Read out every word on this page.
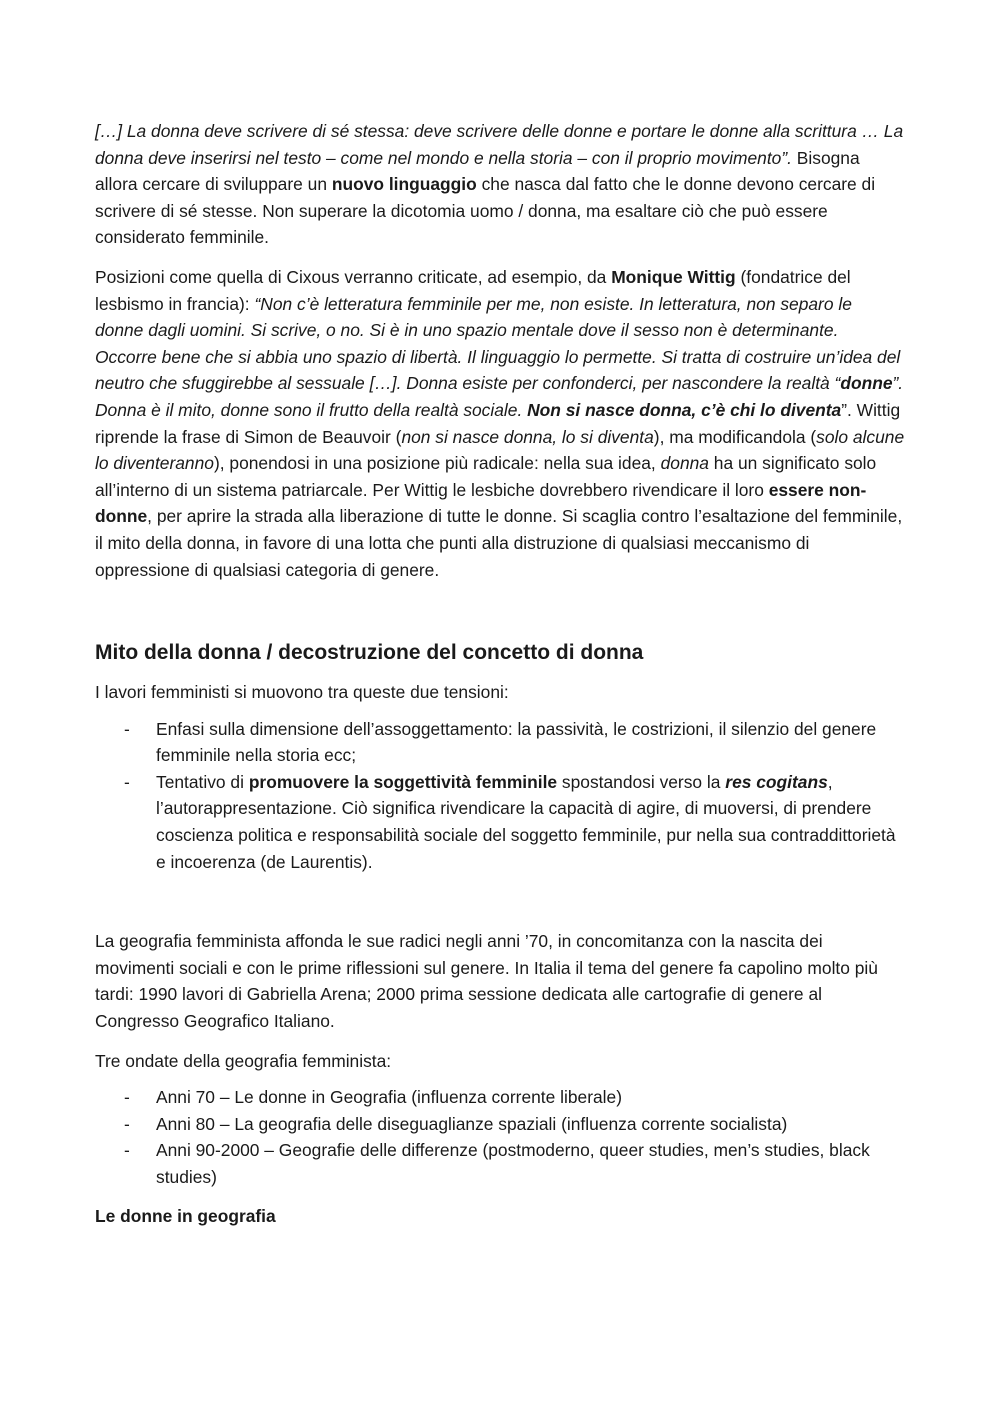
[…] La donna deve scrivere di sé stessa: deve scrivere delle donne e portare le donne alla scrittura … La donna deve inserirsi nel testo – come nel mondo e nella storia – con il proprio movimento”. Bisogna allora cercare di sviluppare un nuovo linguaggio che nasca dal fatto che le donne devono cercare di scrivere di sé stesse. Non superare la dicotomia uomo / donna, ma esaltare ciò che può essere considerato femminile.

Posizioni come quella di Cixous verranno criticate, ad esempio, da Monique Wittig (fondatrice del lesbismo in francia): “Non c’è letteratura femminile per me, non esiste. In letteratura, non separo le donne dagli uomini. Si scrive, o no. Si è in uno spazio mentale dove il sesso non è determinante. Occorre bene che si abbia uno spazio di libertà. Il linguaggio lo permette. Si tratta di costruire un’idea del neutro che sfuggirebbe al sessuale […]. Donna esiste per confonderci, per nascondere la realtà “donne”. Donna è il mito, donne sono il frutto della realtà sociale. Non si nasce donna, c’è chi lo diventa”. Wittig riprende la frase di Simon de Beauvoir (non si nasce donna, lo si diventa), ma modificandola (solo alcune lo diventeranno), ponendosi in una posizione più radicale: nella sua idea, donna ha un significato solo all’interno di un sistema patriarcale. Per Wittig le lesbiche dovrebbero rivendicare il loro essere non-donne, per aprire la strada alla liberazione di tutte le donne. Si scaglia contro l’esaltazione del femminile, il mito della donna, in favore di una lotta che punti alla distruzione di qualsiasi meccanismo di oppressione di qualsiasi categoria di genere.

Mito della donna / decostruzione del concetto di donna

I lavori femministi si muovono tra queste due tensioni:

- Enfasi sulla dimensione dell’assoggettamento: la passività, le costrizioni, il silenzio del genere femminile nella storia ecc;
- Tentativo di promuovere la soggettività femminile spostandosi verso la res cogitans, l’autorappresentazione. Ciò significa rivendicare la capacità di agire, di muoversi, di prendere coscienza politica e responsabilità sociale del soggetto femminile, pur nella sua contraddittorietà e incoerenza (de Laurentis).

La geografia femminista affonda le sue radici negli anni ’70, in concomitanza con la nascita dei movimenti sociali e con le prime riflessioni sul genere. In Italia il tema del genere fa capolino molto più tardi: 1990 lavori di Gabriella Arena; 2000 prima sessione dedicata alle cartografie di genere al Congresso Geografico Italiano.

Tre ondate della geografia femminista:

- Anni 70 – Le donne in Geografia (influenza corrente liberale)
- Anni 80 – La geografia delle diseguaglianze spaziali (influenza corrente socialista)
- Anni 90-2000 – Geografie delle differenze (postmoderno, queer studies, men’s studies, black studies)

Le donne in geografia
